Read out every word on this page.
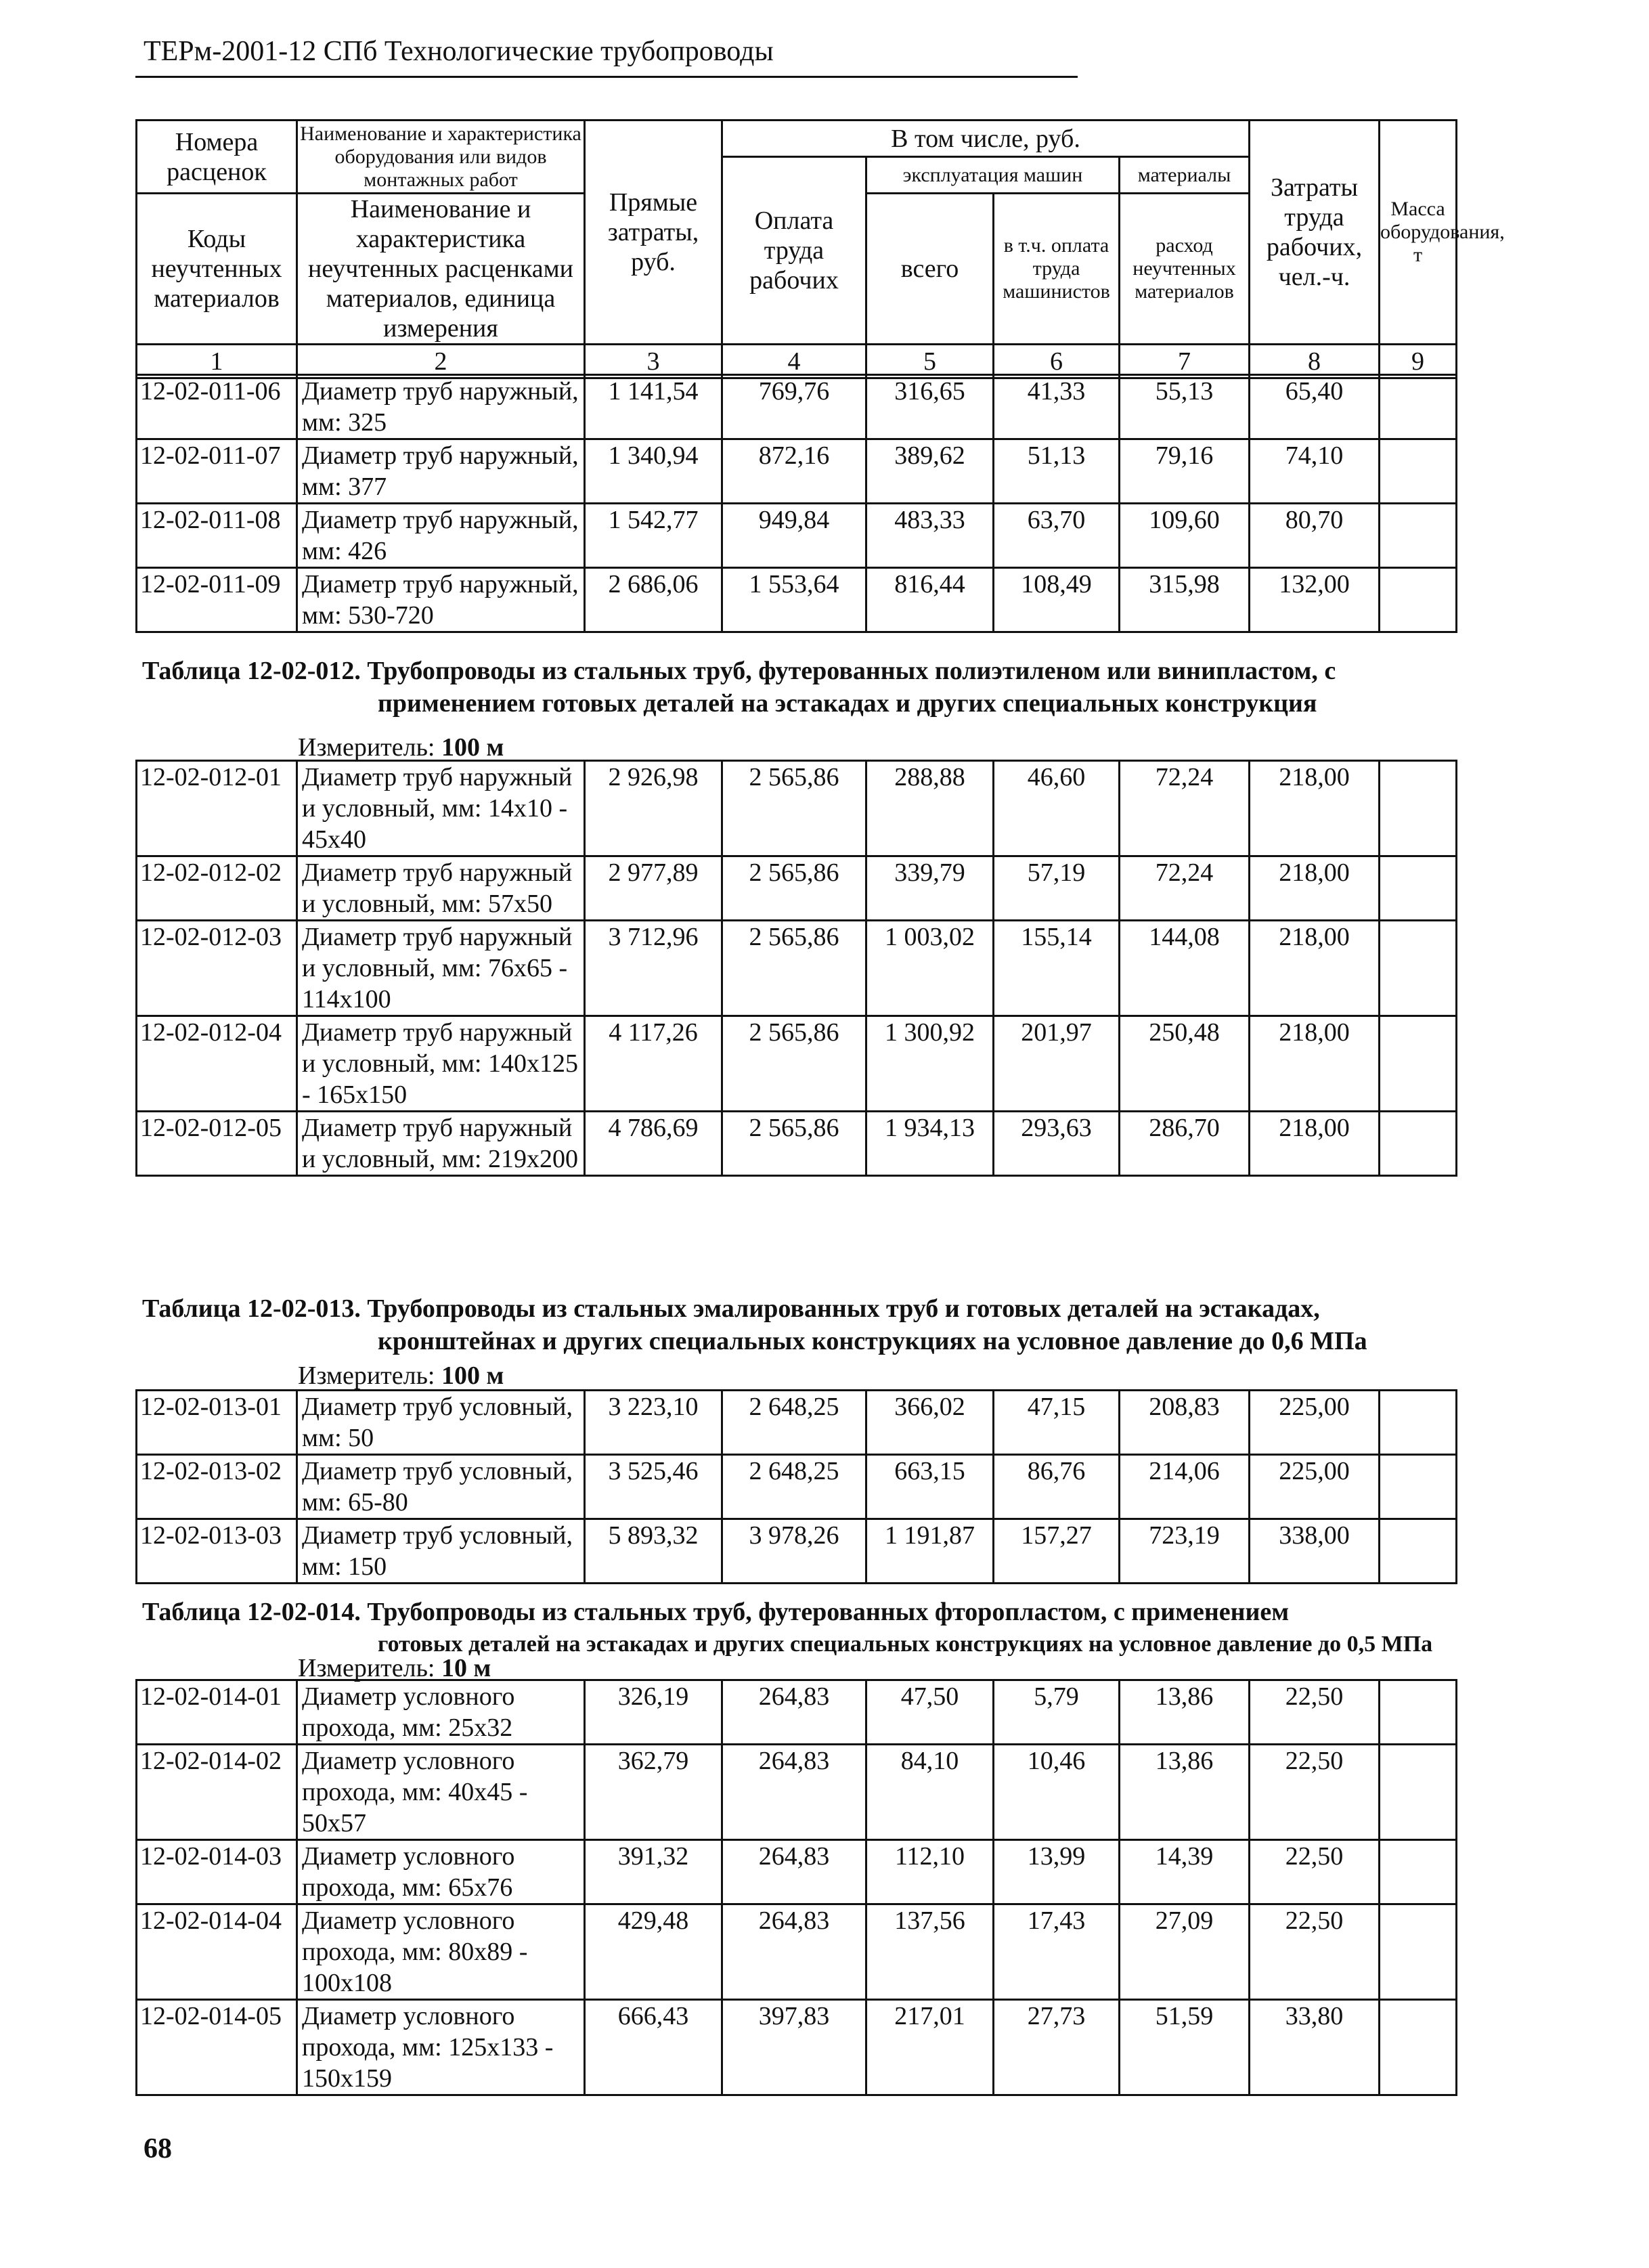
ТЕРм-2001-12 СПб Технологические трубопроводы
Номера расценок	Наименование и характеристика оборудования или видов монтажных работ	Прямые затраты, руб.	В том числе, руб.				Затраты труда рабочих, чел.-ч.	Масса оборудования, т
			Оплата труда рабочих	эксплуатация машин		материалы		
Коды неучтенных материалов	Наименование и характеристика неучтенных расценками материалов, единица измерения			всего	в т.ч. оплата труда машинистов	расход неучтенных материалов		

1	2	3	4	5	6	7	8	9
12-02-011-06	Диаметр труб наружный, мм: 325	1 141,54	769,76	316,65	41,33	55,13	65,40	
12-02-011-07	Диаметр труб наружный, мм: 377	1 340,94	872,16	389,62	51,13	79,16	74,10	
12-02-011-08	Диаметр труб наружный, мм: 426	1 542,77	949,84	483,33	63,70	109,60	80,70	
12-02-011-09	Диаметр труб наружный, мм: 530-720	2 686,06	1 553,64	816,44	108,49	315,98	132,00	
Таблица 12-02-012. Трубопроводы из стальных труб, футерованных полиэтиленом или винипластом, с
применением готовых деталей на эстакадах и других специальных конструкция
Измеритель: 100 м
12-02-012-01	Диаметр труб наружный и условный, мм: 14x10 - 45x40	2 926,98	2 565,86	288,88	46,60	72,24	218,00	
12-02-012-02	Диаметр труб наружный и условный, мм: 57x50	2 977,89	2 565,86	339,79	57,19	72,24	218,00	
12-02-012-03	Диаметр труб наружный и условный, мм: 76x65 - 114x100	3 712,96	2 565,86	1 003,02	155,14	144,08	218,00	
12-02-012-04	Диаметр труб наружный и условный, мм: 140x125 - 165x150	4 117,26	2 565,86	1 300,92	201,97	250,48	218,00	
12-02-012-05	Диаметр труб наружный и условный, мм: 219x200	4 786,69	2 565,86	1 934,13	293,63	286,70	218,00	
Таблица 12-02-013. Трубопроводы из стальных эмалированных труб и готовых деталей на эстакадах,
кронштейнах и других специальных конструкциях на условное давление до 0,6 МПа
Измеритель: 100 м
12-02-013-01	Диаметр труб условный, мм: 50	3 223,10	2 648,25	366,02	47,15	208,83	225,00	
12-02-013-02	Диаметр труб условный, мм: 65-80	3 525,46	2 648,25	663,15	86,76	214,06	225,00	
12-02-013-03	Диаметр труб условный, мм: 150	5 893,32	3 978,26	1 191,87	157,27	723,19	338,00	
Таблица 12-02-014. Трубопроводы из стальных труб, футерованных фторопластом, с применением
готовых деталей на эстакадах и других специальных конструкциях на условное давление до 0,5 МПа
Измеритель: 10 м
12-02-014-01	Диаметр условного прохода, мм: 25x32	326,19	264,83	47,50	5,79	13,86	22,50	
12-02-014-02	Диаметр условного прохода, мм: 40x45 - 50x57	362,79	264,83	84,10	10,46	13,86	22,50	
12-02-014-03	Диаметр условного прохода, мм: 65x76	391,32	264,83	112,10	13,99	14,39	22,50	
12-02-014-04	Диаметр условного прохода, мм: 80x89 - 100x108	429,48	264,83	137,56	17,43	27,09	22,50	
12-02-014-05	Диаметр условного прохода, мм: 125x133 - 150x159	666,43	397,83	217,01	27,73	51,59	33,80	
68
